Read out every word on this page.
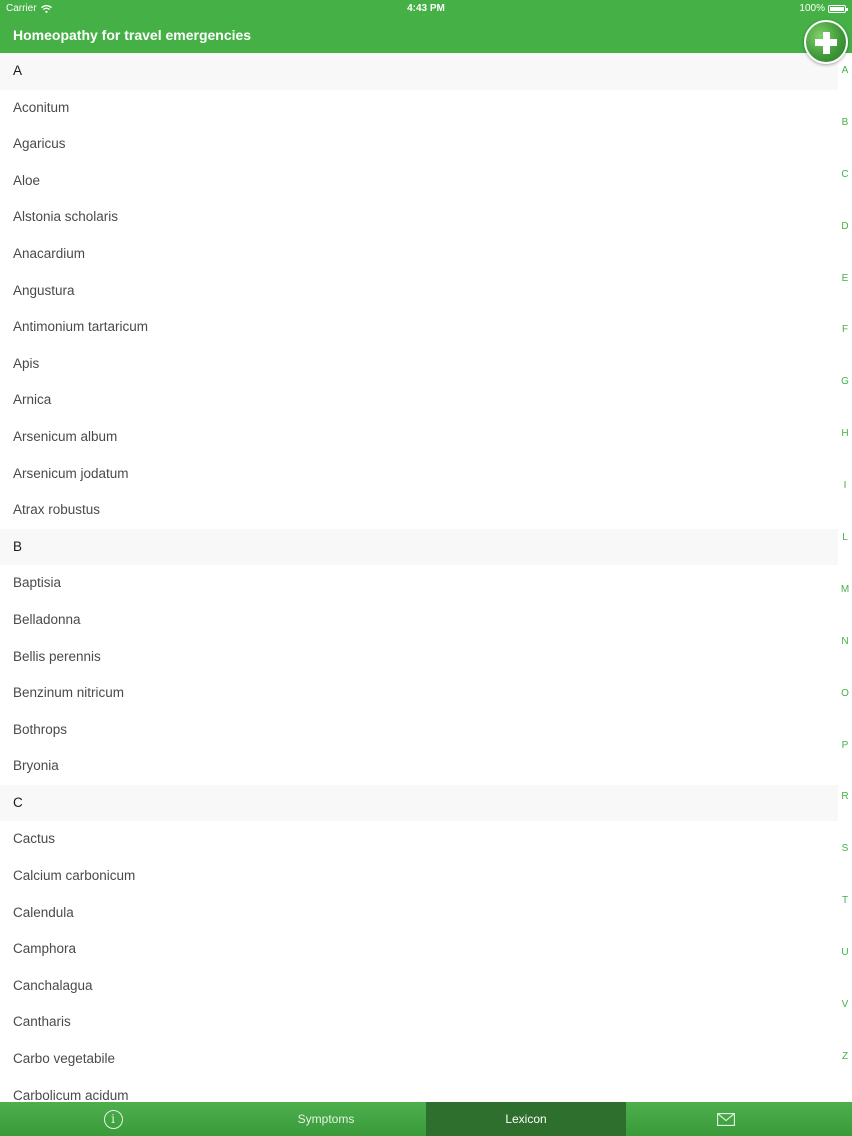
Carrier	4:43 PM	100%
Homeopathy for travel emergencies
A
Aconitum
Agaricus
Aloe
Alstonia scholaris
Anacardium
Angustura
Antimonium tartaricum
Apis
Arnica
Arsenicum album
Arsenicum jodatum
Atrax robustus
B
Baptisia
Belladonna
Bellis perennis
Benzinum nitricum
Bothrops
Bryonia
C
Cactus
Calcium carbonicum
Calendula
Camphora
Canchalagua
Cantharis
Carbo vegetabile
Carbolicum acidum
A
B
C
D
E
F
G
H
I
L
M
N
O
P
R
S
T
U
V
Z
i	Symptoms	Lexicon
